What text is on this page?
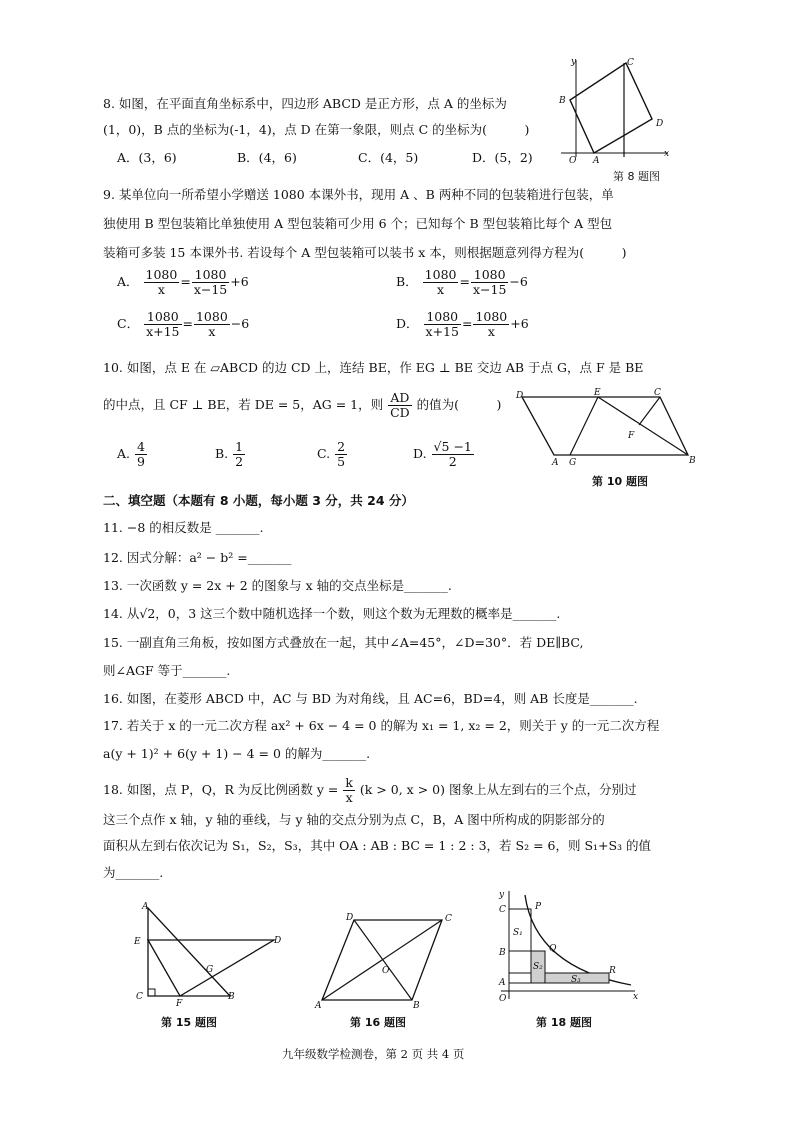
8. 如图，在平面直角坐标系中，四边形 ABCD 是正方形，点 A 的坐标为
(1，0)，B 点的坐标为(-1，4)，点 D 在第一象限，则点 C 的坐标为(　　　)
A．(3，6)	B．(4，6)	C．(4，5)	D．(5，2)
y
x
O A
B
C
D
第 8 题图
9. 某单位向一所希望小学赠送 1080 本课外书，现用 A 、B 两种不同的包装箱进行包装，单
独使用 B 型包装箱比单独使用 A 型包装箱可少用 6 个；已知每个 B 型包装箱比每个 A 型包
装箱可多装 15 本课外书. 若设每个 A 型包装箱可以装书 x 本，则根据题意列得方程为(　　　)
A． $\frac{1080}{x} = \frac{1080}{x-15} +6$	B． $\frac{1080}{x} = \frac{1080}{x-15} -6$
C． $\frac{1080}{x+15} = \frac{1080}{x} -6$	D． $\frac{1080}{x+15} = \frac{1080}{x} +6$
10. 如图，点 E 在 ▱ABCD 的边 CD 上，连结 BE，作 EG ⊥ BE 交边 AB 于点 G，点 F 是 BE
的中点，且 CF ⊥ BE，若 DE = 5，AG = 1，则 $\frac{AD}{CD}$ 的值为(　　　)
A. $\frac{4}{9}$	B. $\frac{1}{2}$	C. $\frac{2}{5}$	D. $\frac{√5 -1}{2}$
D	E	C
F
A G	B
第 10 题图
二、填空题（本题有 8 小题，每小题 3 分，共 24 分）
11. −8 的相反数是 _______.
12. 因式分解：a² − b² =_______
13. 一次函数 y = 2x + 2 的图象与 x 轴的交点坐标是_______.
14. 从√2，0，3 这三个数中随机选择一个数，则这个数为无理数的概率是_______.
15. 一副直角三角板，按如图方式叠放在一起，其中∠A=45°，∠D=30°．若 DE∥BC,
则∠AGF 等于_______.
16. 如图，在菱形 ABCD 中，AC 与 BD 为对角线，且 AC=6，BD=4，则 AB 长度是_______.
17. 若关于 x 的一元二次方程 ax² + 6x − 4 = 0 的解为 x₁ = 1, x₂ = 2，则关于 y 的一元二次方程
a(y + 1)² + 6(y + 1) − 4 = 0 的解为_______.
18. 如图，点 P，Q，R 为反比例函数 $y = \frac{k}{x} (k > 0$, x > 0) 图象上从左到右的三个点，分别过
这三个点作 x 轴，y 轴的垂线，与 y 轴的交点分别为点 C，B，A 图中所构成的阴影部分的
面积从左到右依次记为 S₁，S₂，S₃，其中 OA : AB : BC = 1 : 2 : 3，若 S₂ = 6，则 S₁+S₃ 的值
为_______.
A
E	D
G
C
F
B
第 15 题图
D	C
A	B
O
第 16 题图
y
x
O
A
B
C	P
Q
R
S₁
S₂
S₃
第 18 题图
九年级数学检测卷，第 2 页 共 4 页
